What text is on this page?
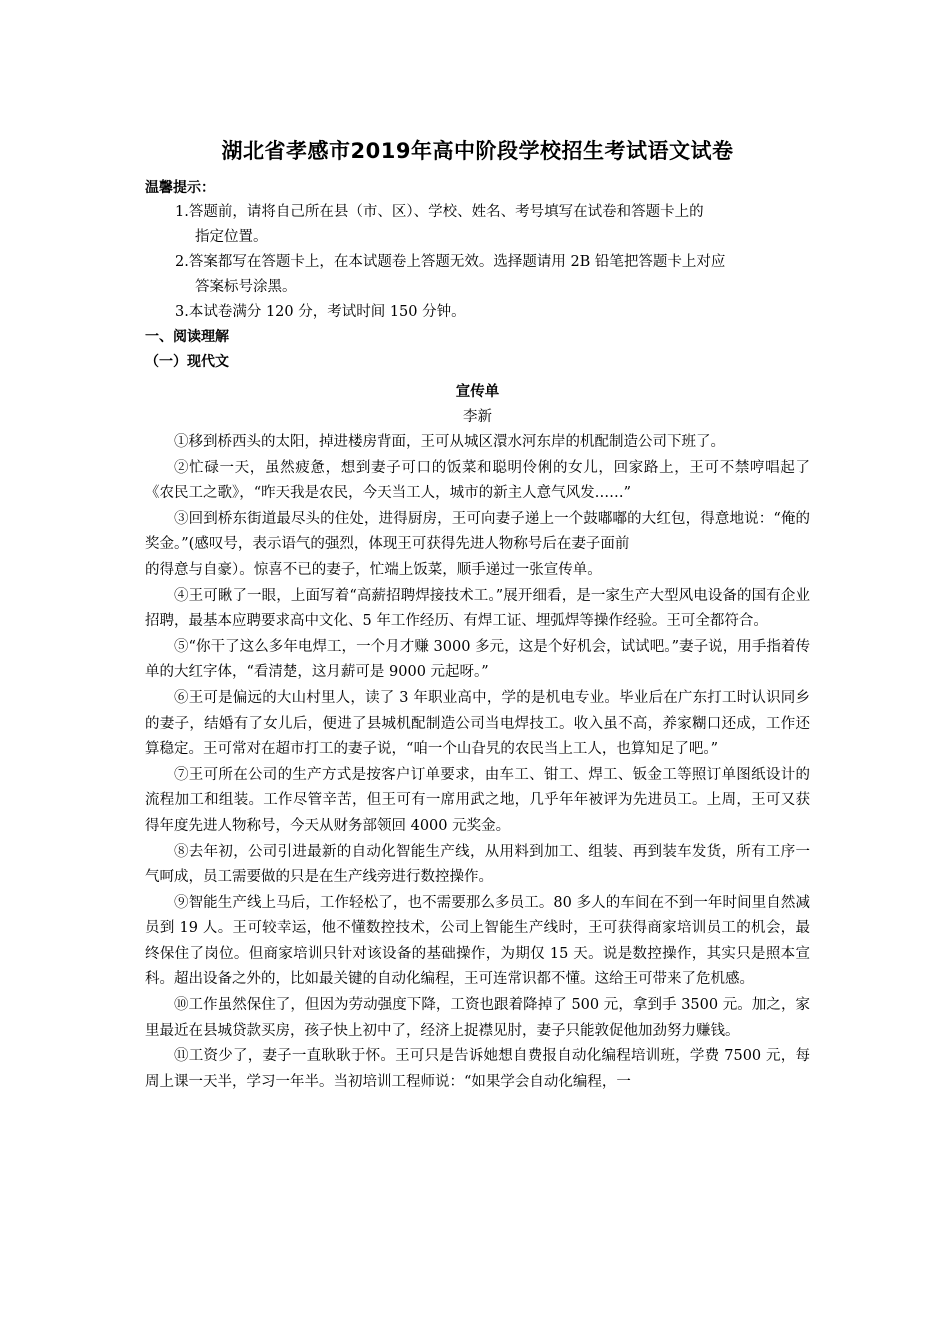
湖北省孝感市2019年高中阶段学校招生考试语文试卷
温馨提示：
1.答题前，请将自己所在县（市、区）、学校、姓名、考号填写在试卷和答题卡上的
指定位置。
2.答案都写在答题卡上，在本试题卷上答题无效。选择题请用 2B 铅笔把答题卡上对应
答案标号涂黑。
3.本试卷满分 120 分，考试时间 150 分钟。
一、阅读理解
（一）现代文
宣传单
李新

①移到桥西头的太阳，掉进楼房背面，王可从城区澴水河东岸的机配制造公司下班了。

②忙碌一天，虽然疲惫，想到妻子可口的饭菜和聪明伶俐的女儿，回家路上，王可不禁哼唱起了《农民工之歌》，“昨天我是农民，今天当工人，城市的新主人意气风发……”

③回到桥东街道最尽头的住处，进得厨房，王可向妻子递上一个鼓嘟嘟的大红包，得意地说：“俺的奖金。”(感叹号，表示语气的强烈，体现王可获得先进人物称号后在妻子面前

的得意与自豪）。惊喜不已的妻子，忙端上饭菜，顺手递过一张宣传单。

④王可瞅了一眼，上面写着“高薪招聘焊接技术工。”展开细看，是一家生产大型风电设备的国有企业招聘，最基本应聘要求高中文化、5 年工作经历、有焊工证、埋弧焊等操作经验。王可全都符合。

⑤“你干了这么多年电焊工，一个月才赚 3000 多元，这是个好机会，试试吧。”妻子说，用手指着传单的大红字体，“看清楚，这月薪可是 9000 元起呀。”

⑥王可是偏远的大山村里人，读了 3 年职业高中，学的是机电专业。毕业后在广东打工时认识同乡的妻子，结婚有了女儿后，便进了县城机配制造公司当电焊技工。收入虽不高，养家糊口还成，工作还算稳定。王可常对在超市打工的妻子说，“咱一个山旮旯的农民当上工人，也算知足了吧。”

⑦王可所在公司的生产方式是按客户订单要求，由车工、钳工、焊工、钣金工等照订单图纸设计的流程加工和组装。工作尽管辛苦，但王可有一席用武之地，几乎年年被评为先进员工。上周，王可又获得年度先进人物称号，今天从财务部领回 4000 元奖金。

⑧去年初，公司引进最新的自动化智能生产线，从用料到加工、组装、再到装车发货，所有工序一气呵成，员工需要做的只是在生产线旁进行数控操作。

⑨智能生产线上马后，工作轻松了，也不需要那么多员工。80 多人的车间在不到一年时间里自然减员到 19 人。王可较幸运，他不懂数控技术，公司上智能生产线时，王可获得商家培训员工的机会，最终保住了岗位。但商家培训只针对该设备的基础操作，为期仅 15 天。说是数控操作，其实只是照本宣科。超出设备之外的，比如最关键的自动化编程，王可连常识都不懂。这给王可带来了危机感。

⑩工作虽然保住了，但因为劳动强度下降，工资也跟着降掉了 500 元，拿到手 3500 元。加之，家里最近在县城贷款买房，孩子快上初中了，经济上捉襟见肘，妻子只能敦促他加劲努力赚钱。

⑪工资少了，妻子一直耿耿于怀。王可只是告诉她想自费报自动化编程培训班，学费 7500 元，每周上课一天半，学习一年半。当初培训工程师说：“如果学会自动化编程，一
